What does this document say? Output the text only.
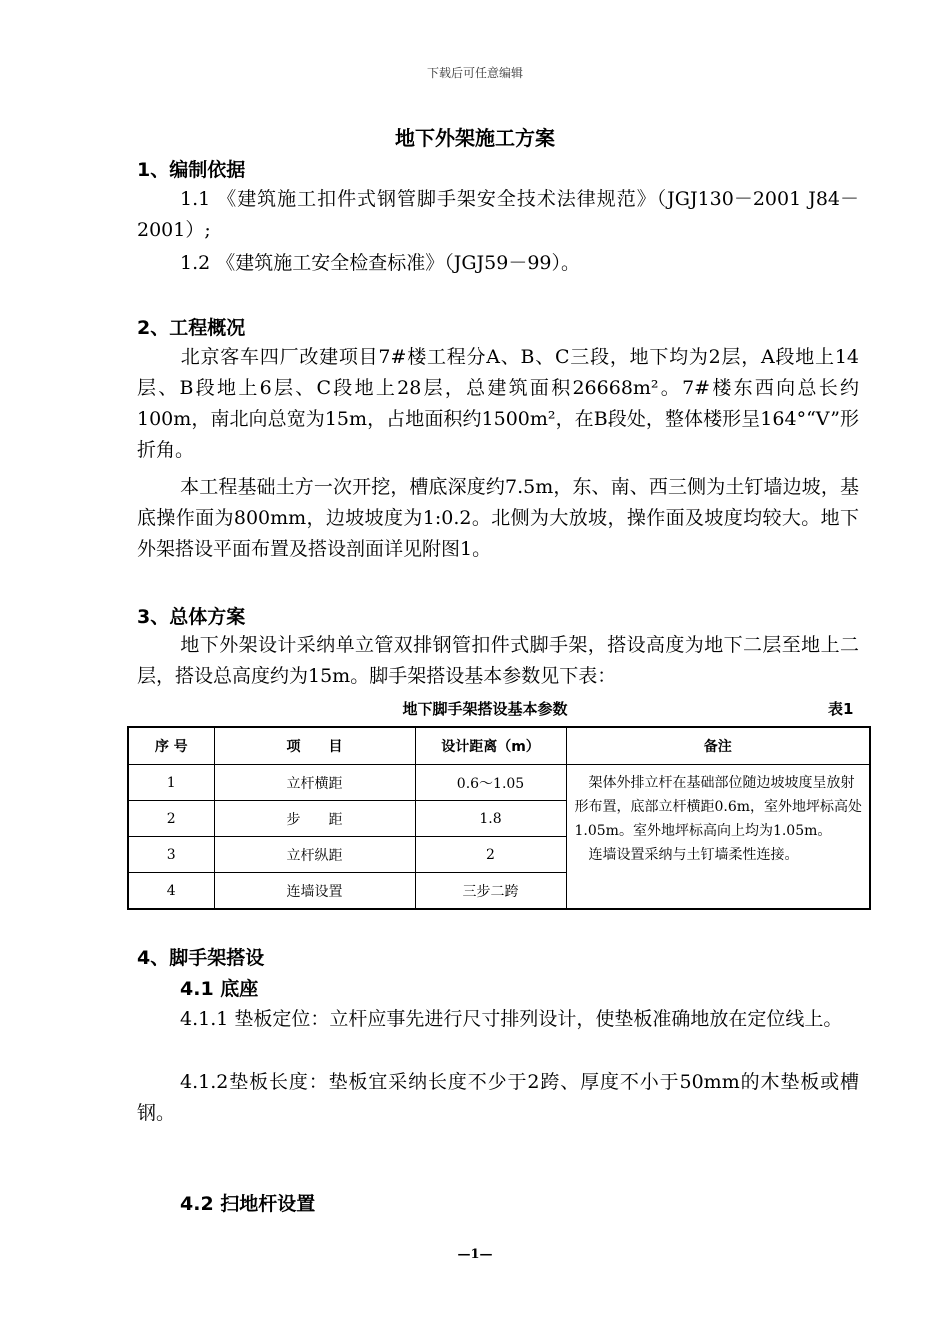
下载后可任意编辑
地下外架施工方案
1、编制依据
1.1 《建筑施工扣件式钢管脚手架安全技术法律规范》（JGJ130－2001 J84－2001）;
1.2 《建筑施工安全检查标准》（JGJ59－99）。
2、工程概况
北京客车四厂改建项目7#楼工程分A、B、C三段，地下均为2层，A段地上14层、B段地上6层、C段地上28层，总建筑面积26668m²。7#楼东西向总长约100m，南北向总宽为15m，占地面积约1500m²，在B段处，整体楼形呈164°“V”形折角。
本工程基础土方一次开挖，槽底深度约7.5m，东、南、西三侧为土钉墙边坡，基底操作面为800mm，边坡坡度为1:0.2。北侧为大放坡，操作面及坡度均较大。地下外架搭设平面布置及搭设剖面详见附图1。
3、总体方案
地下外架设计采纳单立管双排钢管扣件式脚手架，搭设高度为地下二层至地上二层，搭设总高度约为15m。脚手架搭设基本参数见下表：
地下脚手架搭设基本参数	表1
序 号	项　　目	设计距离（m）	备注
1	立杆横距	0.6～1.05	架体外排立杆在基础部位随边坡坡度呈放射形布置，底部立杆横距0.6m，室外地坪标高处1.05m。室外地坪标高向上均为1.05m。
连墙设置采纳与土钉墙柔性连接。

2	步　　距	1.8	
3	立杆纵距	2	
4	连墙设置	三步二跨	
4、脚手架搭设
4.1 底座
4.1.1 垫板定位：立杆应事先进行尺寸排列设计，使垫板准确地放在定位线上。
4.1.2垫板长度：垫板宜采纳长度不少于2跨、厚度不小于50mm的木垫板或槽钢。
4.2 扫地杆设置
—1—
